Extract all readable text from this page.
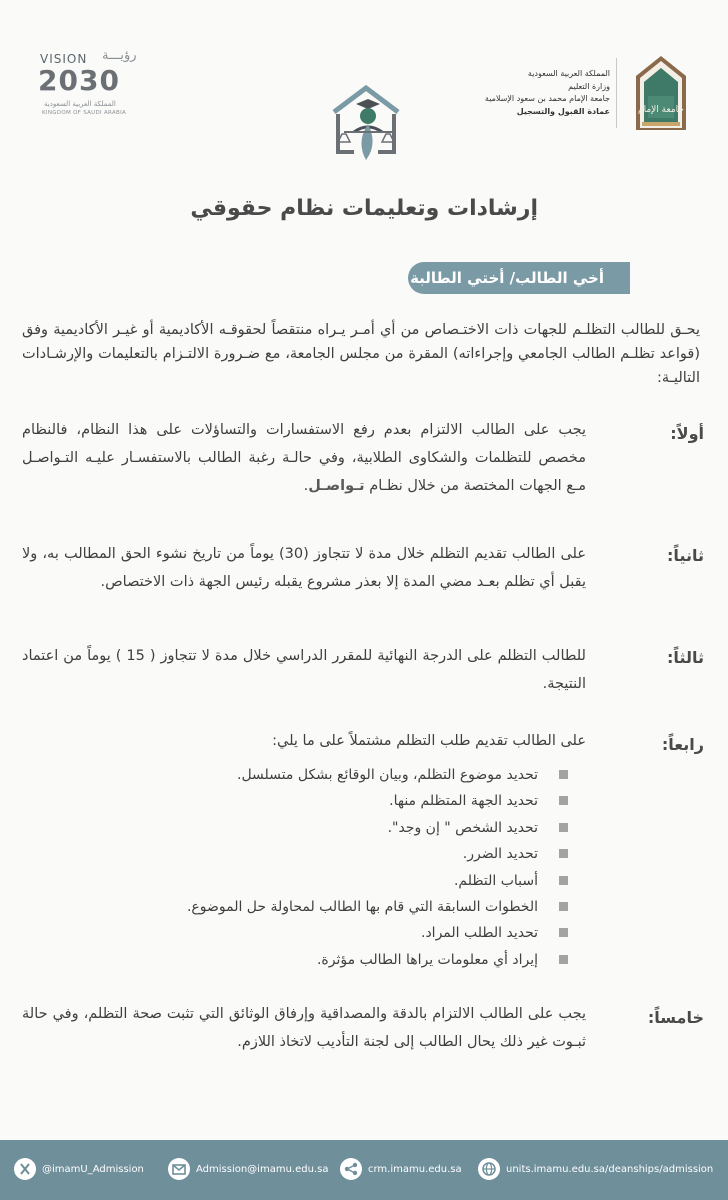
جامعة الإمام
المملكة العربية السعودية
وزارة التعليم
جامعة الإمام محمد بن سعود الإسلامية
عمادة القبول والتسجيل
VISION رؤيـــة
2030
المملكة العربية السعودية
KINGDOM OF SAUDI ARABIA
إرشادات وتعليمات نظام حقوقي
أخي الطالب/ أختي الطالبة
يحـق للطالب التظلـم للجهات ذات الاختـصاص من أي أمـر يـراه منتقصاً لحقوقـه الأكاديمية أو غيـر الأكاديمية وفق (قواعد تظلـم الطالب الجامعي وإجراءاته) المقرة من مجلس الجامعة، مع ضـرورة الالتـزام بالتعليمات والإرشـادات التاليـة:
أولاً:
يجب على الطالب الالتزام بعدم رفع الاستفسارات والتساؤلات على هذا النظام، فالنظام مخصص للتظلمات والشكاوى الطلابية، وفي حالـة رغبة الطالب بالاستفسـار عليـه التـواصـل مـع الجهات المختصة من خلال نظـام تـواصـل.
ثانياً:
على الطالب تقديم التظلم خلال مدة لا تتجاوز (30) يوماً من تاريخ نشوء الحق المطالب به، ولا يقبل أي تظلم بعـد مضي المدة إلا بعذر مشروع يقبله رئيس الجهة ذات الاختصاص.
ثالثاً:
للطالب التظلم على الدرجة النهائية للمقرر الدراسي خلال مدة لا تتجاوز ( 15 ) يوماً من اعتماد النتيجة.
رابعاً:
على الطالب تقديم طلب التظلم مشتملاً على ما يلي:
تحديد موضوع التظلم، وبيان الوقائع بشكل متسلسل.
تحديد الجهة المتظلم منها.
تحديد الشخص " إن وجد".
تحديد الضرر.
أسباب التظلم.
الخطوات السابقة التي قام بها الطالب لمحاولة حل الموضوع.
تحديد الطلب المراد.
إيراد أي معلومات يراها الطالب مؤثرة.
خامساً:
يجب على الطالب الالتزام بالدقة والمصداقية وإرفاق الوثائق التي تثبت صحة التظلم، وفي حالة ثبـوت غير ذلك يحال الطالب إلى لجنة التأديب لاتخاذ اللازم.
@imamU_Admission	Admission@imamu.edu.sa	crm.imamu.edu.sa	units.imamu.edu.sa/deanships/admission
